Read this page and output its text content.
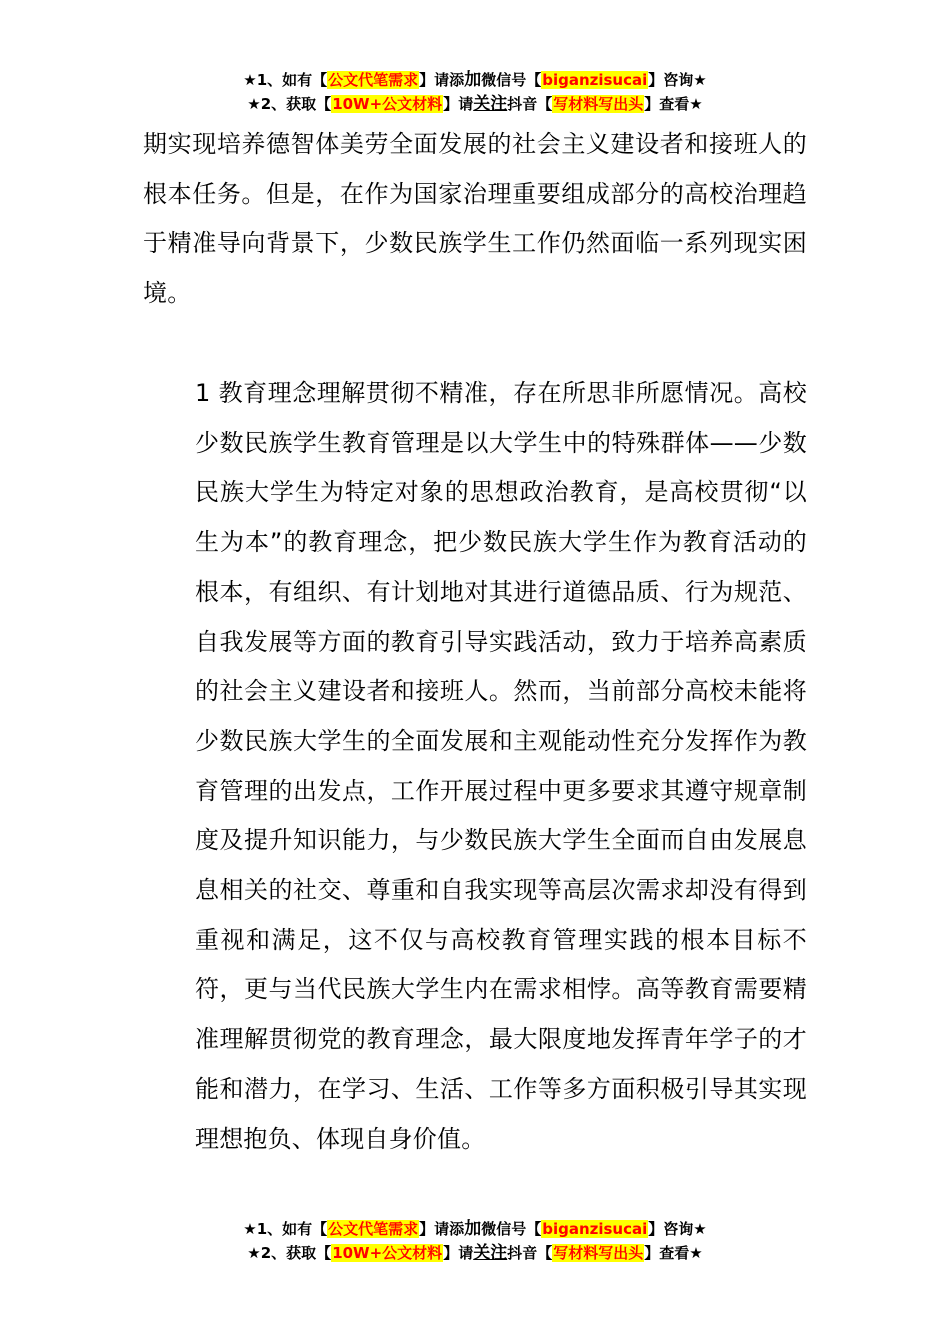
★1、如有【公文代笔需求】请添加微信号【biganzisucai】咨询★
★2、获取【10W+公文材料】请关注抖音【写材料写出头】查看★
期实现培养德智体美劳全面发展的社会主义建设者和接班人的根本任务。但是，在作为国家治理重要组成部分的高校治理趋于精准导向背景下，少数民族学生工作仍然面临一系列现实困境。
1 教育理念理解贯彻不精准，存在所思非所愿情况。高校少数民族学生教育管理是以大学生中的特殊群体——少数民族大学生为特定对象的思想政治教育，是高校贯彻“以生为本”的教育理念，把少数民族大学生作为教育活动的根本，有组织、有计划地对其进行道德品质、行为规范、自我发展等方面的教育引导实践活动，致力于培养高素质的社会主义建设者和接班人。然而，当前部分高校未能将少数民族大学生的全面发展和主观能动性充分发挥作为教育管理的出发点，工作开展过程中更多要求其遵守规章制度及提升知识能力，与少数民族大学生全面而自由发展息息相关的社交、尊重和自我实现等高层次需求却没有得到重视和满足，这不仅与高校教育管理实践的根本目标不符，更与当代民族大学生内在需求相悖。高等教育需要精准理解贯彻党的教育理念，最大限度地发挥青年学子的才能和潜力，在学习、生活、工作等多方面积极引导其实现理想抱负、体现自身价值。
★1、如有【公文代笔需求】请添加微信号【biganzisucai】咨询★
★2、获取【10W+公文材料】请关注抖音【写材料写出头】查看★
